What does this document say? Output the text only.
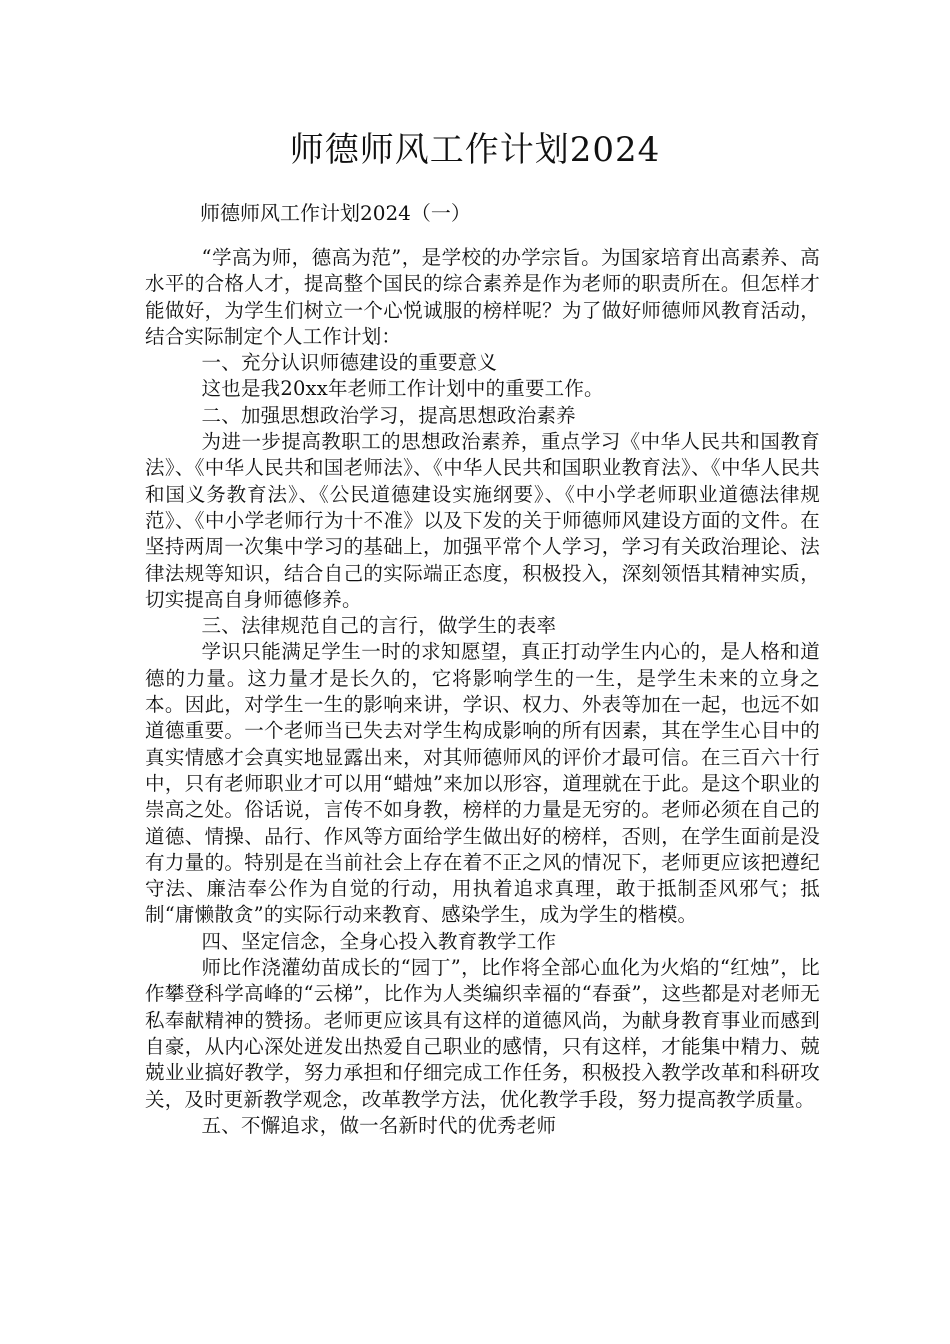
师德师风工作计划2024
师德师风工作计划2024（一）

“学高为师，德高为范”，是学校的办学宗旨。为国家培育出高素养、高水平的合格人才，提高整个国民的综合素养是作为老师的职责所在。但怎样才能做好，为学生们树立一个心悦诚服的榜样呢？为了做好师德师风教育活动，结合实际制定个人工作计划：

一、充分认识师德建设的重要意义

这也是我20xx年老师工作计划中的重要工作。

二、加强思想政治学习，提高思想政治素养

为进一步提高教职工的思想政治素养，重点学习《中华人民共和国教育法》、《中华人民共和国老师法》、《中华人民共和国职业教育法》、《中华人民共和国义务教育法》、《公民道德建设实施纲要》、《中小学老师职业道德法律规范》、《中小学老师行为十不准》以及下发的关于师德师风建设方面的文件。在坚持两周一次集中学习的基础上，加强平常个人学习，学习有关政治理论、法律法规等知识，结合自己的实际端正态度，积极投入，深刻领悟其精神实质，切实提高自身师德修养。

三、法律规范自己的言行，做学生的表率

学识只能满足学生一时的求知愿望，真正打动学生内心的，是人格和道德的力量。这力量才是长久的，它将影响学生的一生，是学生未来的立身之本。因此，对学生一生的影响来讲，学识、权力、外表等加在一起，也远不如道德重要。一个老师当已失去对学生构成影响的所有因素，其在学生心目中的真实情感才会真实地显露出来，对其师德师风的评价才最可信。在三百六十行中，只有老师职业才可以用“蜡烛”来加以形容，道理就在于此。是这个职业的崇高之处。俗话说，言传不如身教，榜样的力量是无穷的。老师必须在自己的道德、情操、品行、作风等方面给学生做出好的榜样，否则，在学生面前是没有力量的。特别是在当前社会上存在着不正之风的情况下，老师更应该把遵纪守法、廉洁奉公作为自觉的行动，用执着追求真理，敢于抵制歪风邪气；抵制“庸懒散贪”的实际行动来教育、感染学生，成为学生的楷模。

四、坚定信念，全身心投入教育教学工作

师比作浇灌幼苗成长的“园丁”，比作将全部心血化为火焰的“红烛”，比作攀登科学高峰的“云梯”，比作为人类编织幸福的“春蚕”，这些都是对老师无私奉献精神的赞扬。老师更应该具有这样的道德风尚，为献身教育事业而感到自豪，从内心深处迸发出热爱自己职业的感情，只有这样，才能集中精力、兢兢业业搞好教学，努力承担和仔细完成工作任务，积极投入教学改革和科研攻关，及时更新教学观念，改革教学方法，优化教学手段，努力提高教学质量。

五、不懈追求，做一名新时代的优秀老师
